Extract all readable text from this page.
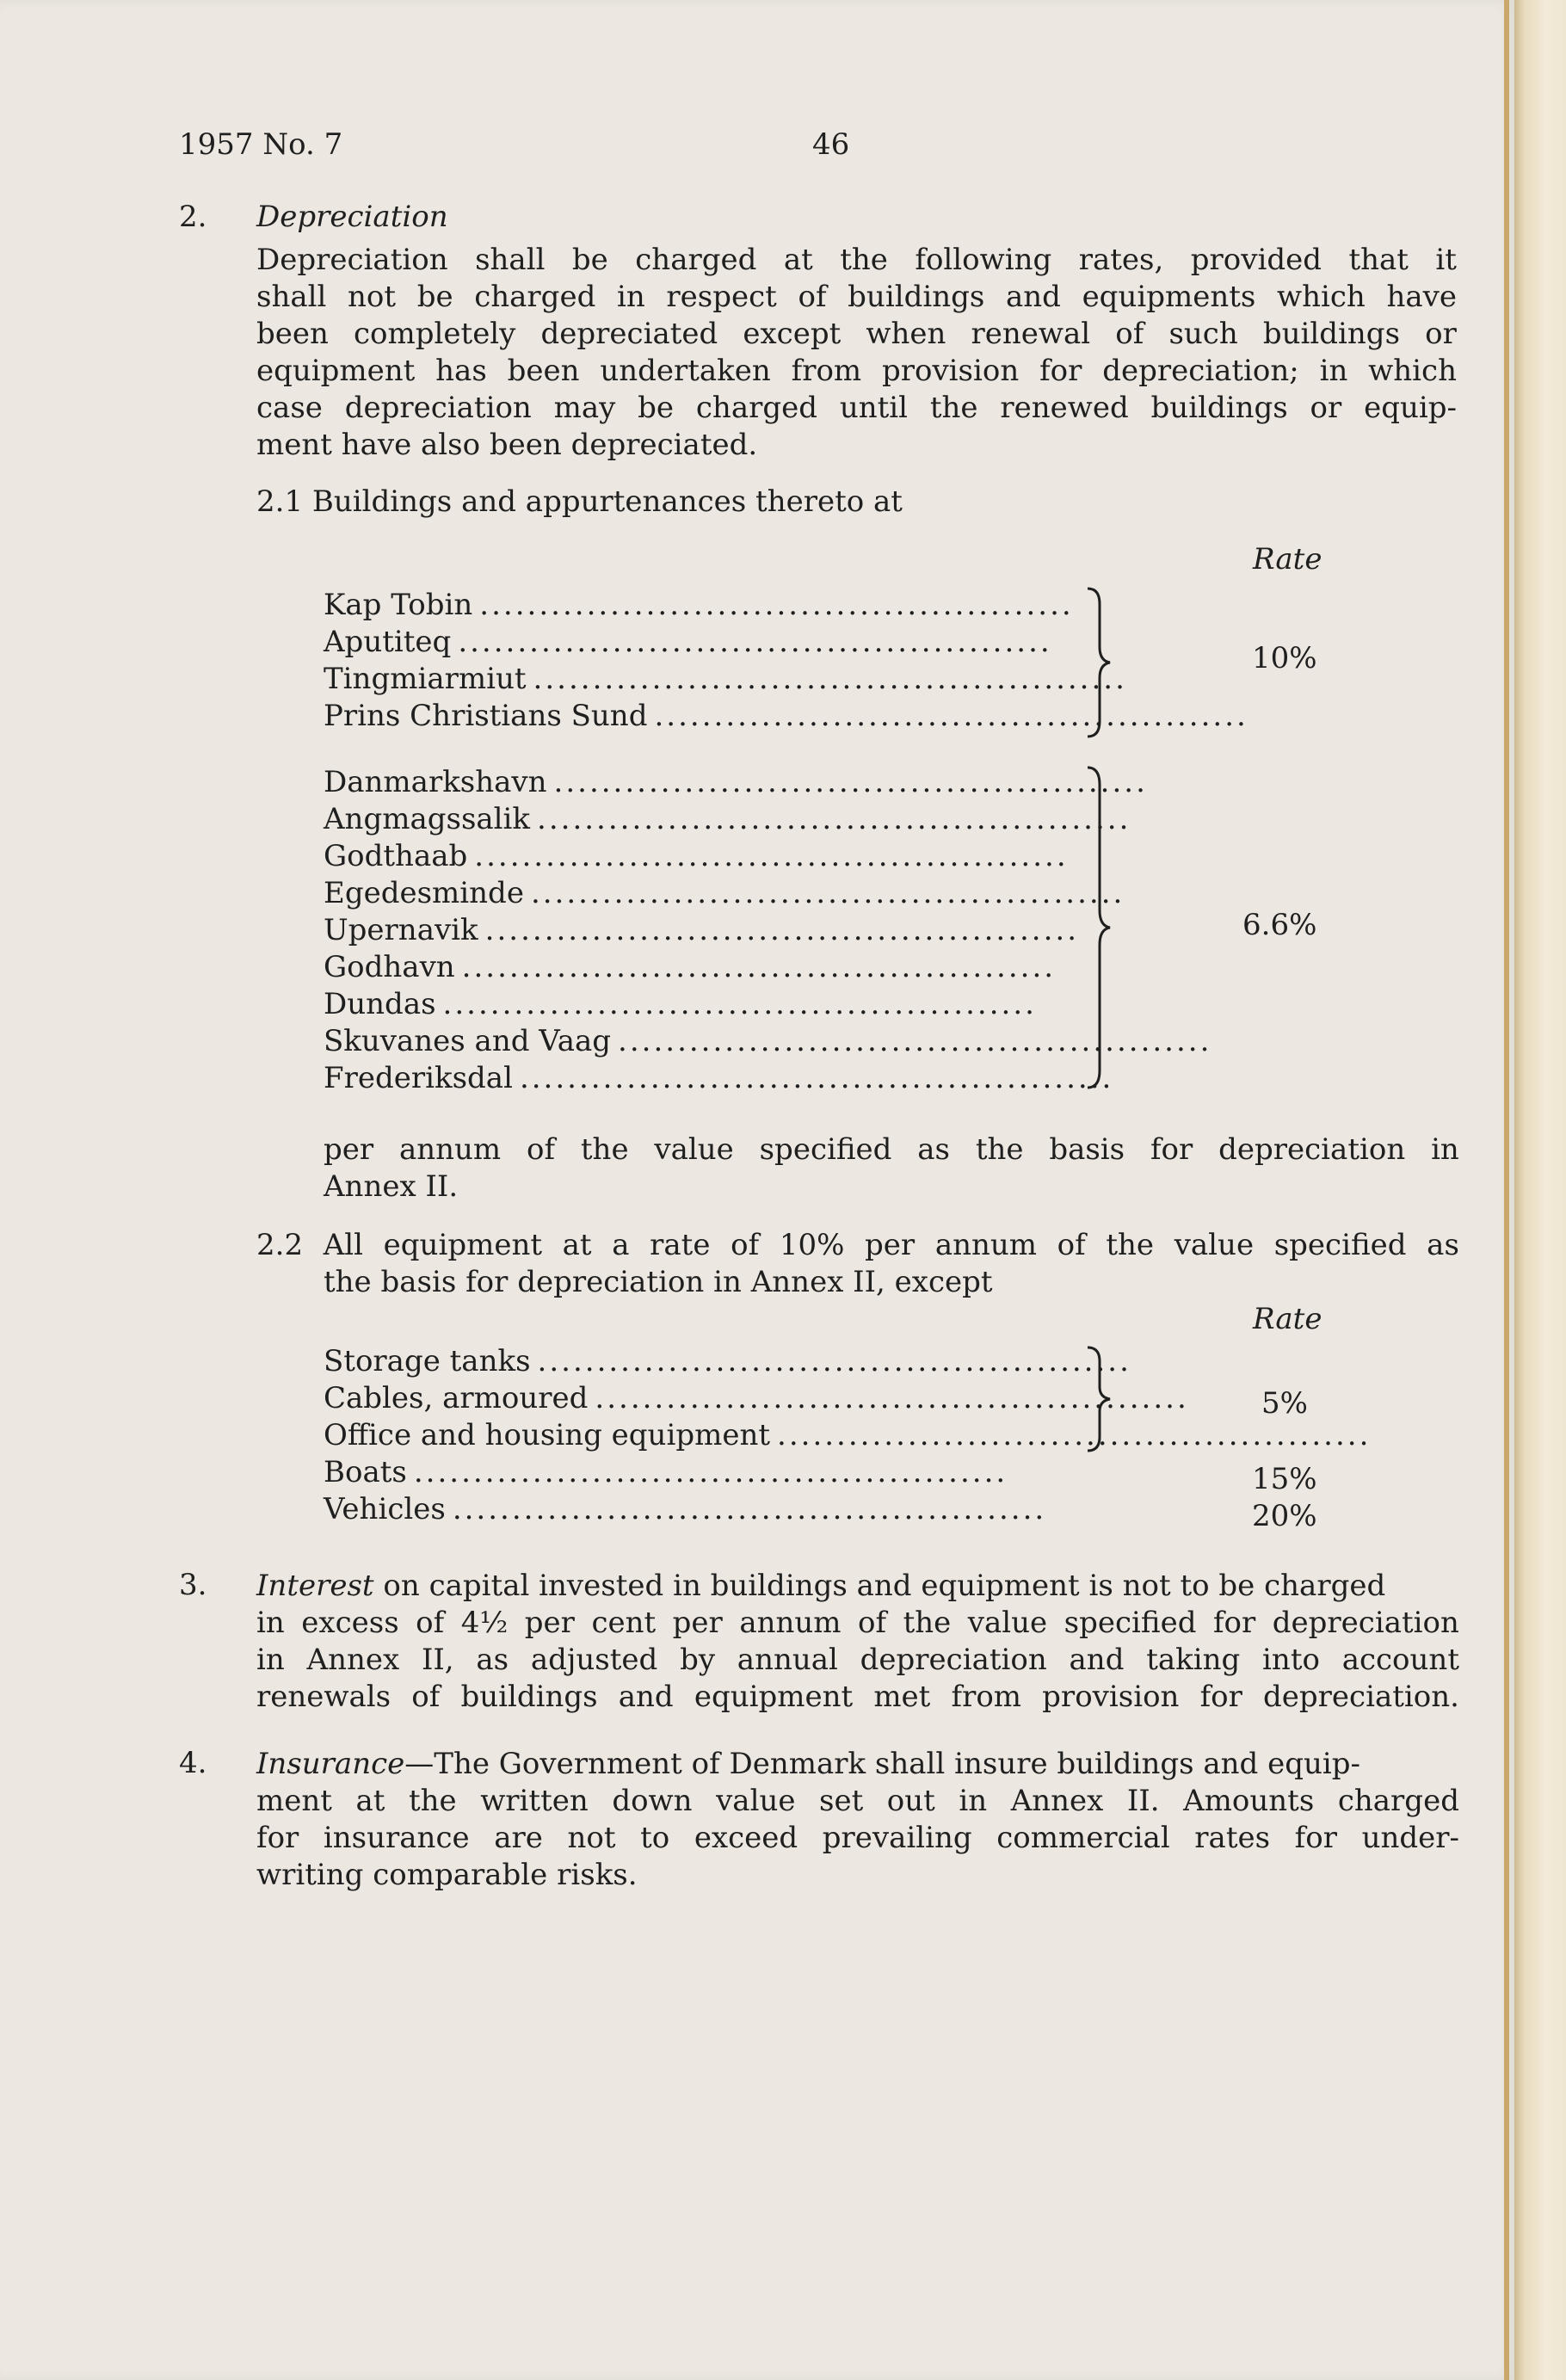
1957 No. 7	46
2. Depreciation
Depreciation shall be charged at the following rates, provided that it
shall not be charged in respect of buildings and equipments which have
been completely depreciated except when renewal of such buildings or
equipment has been undertaken from provision for depreciation; in which
case depreciation may be charged until the renewed buildings or equip-
ment have also been depreciated.
2.1 Buildings and appurtenances thereto at
Rate
Kap Tobin ..................................................
Aputiteq ..................................................
Tingmiarmiut ..................................................
Prins Christians Sund ..................................................
10%
Danmarkshavn ..................................................
Angmagssalik ..................................................
Godthaab ..................................................
Egedesminde ..................................................
Upernavik ..................................................
Godhavn ..................................................
Dundas ..................................................
Skuvanes and Vaag ..................................................
Frederiksdal ..................................................
6.6%
per annum of the value specified as the basis for depreciation in
Annex II.
2.2 All equipment at a rate of 10% per annum of the value specified as
the basis for depreciation in Annex II, except
Rate
Storage tanks ..................................................
Cables, armoured ..................................................
Office and housing equipment ..................................................
Boats ..................................................
Vehicles ..................................................
5%
15%
20%
3. Interest on capital invested in buildings and equipment is not to be charged
in excess of 4½ per cent per annum of the value specified for depreciation
in Annex II, as adjusted by annual depreciation and taking into account
renewals of buildings and equipment met from provision for depreciation.
4. Insurance—The Government of Denmark shall insure buildings and equip-
ment at the written down value set out in Annex II. Amounts charged
for insurance are not to exceed prevailing commercial rates for under-
writing comparable risks.
